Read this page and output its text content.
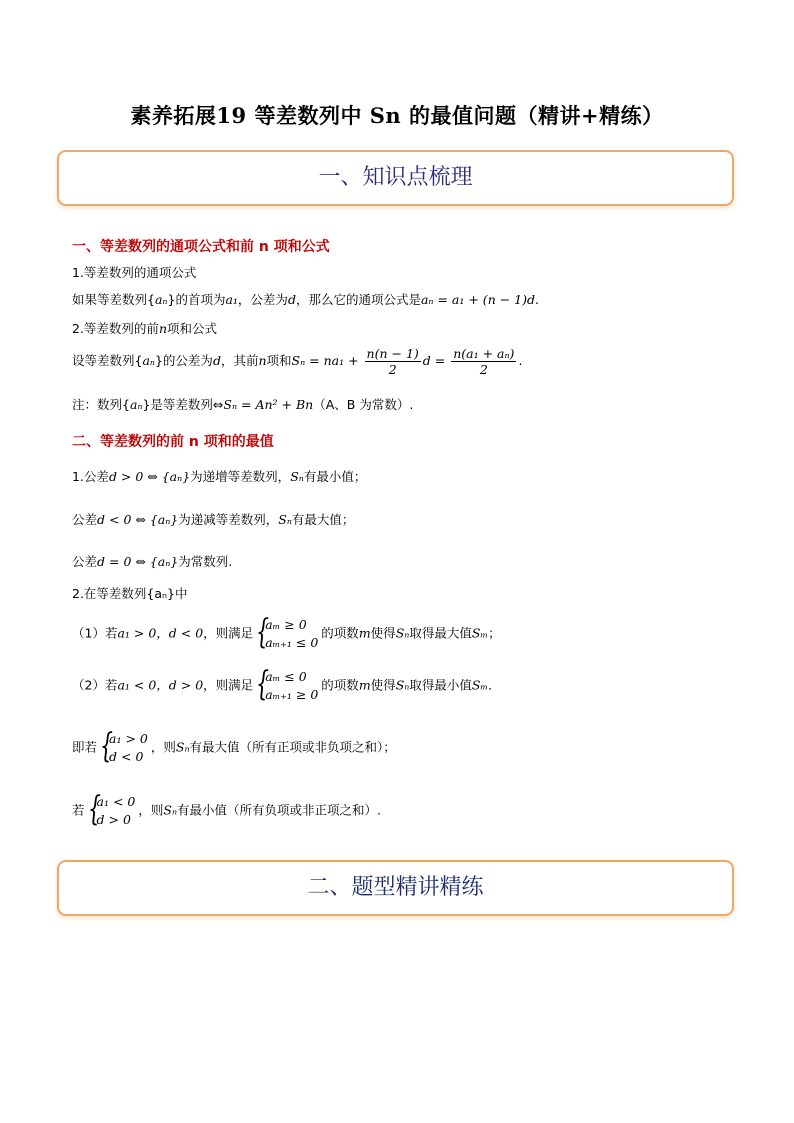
素养拓展19 等差数列中 Sn 的最值问题（精讲+精练）
一、知识点梳理
一、等差数列的通项公式和前 n 项和公式
1.等差数列的通项公式
如果等差数列{aₙ}的首项为a₁，公差为d，那么它的通项公式是aₙ = a₁ + (n − 1)d.
2.等差数列的前n项和公式
设等差数列{aₙ}的公差为d，其前n项和$S_n = na_1 + \frac{n(n - 1)}{2}$ $d = \frac{\text{n(a₁ + aₙ)}}{2}$ .
注：数列{aₙ}是等差数列⇔Sₙ = An² + Bn（A、B 为常数）.
二、等差数列的前 n 项和的最值
1.公差d > 0 ⇔ {aₙ}为递增等差数列，Sₙ有最小值；
公差d < 0 ⇔ {aₙ}为递减等差数列，Sₙ有最大值；
公差d = 0 ⇔ {aₙ}为常数列.
2.在等差数列{aₙ}中
（1）若a₁ > 0，d < 0，则满足 {
aₘ ≥ 0
aₘ₊₁ ≤ 0
的项数m使得Sₙ取得最大值Sₘ；
（2）若a₁ < 0，d > 0，则满足 {
aₘ ≤ 0
aₘ₊₁ ≥ 0
的项数m使得Sₙ取得最小值Sₘ.
即若 {
a₁ > 0
d < 0
，则Sₙ有最大值（所有正项或非负项之和）；
若 {
a₁ < 0
d > 0
，则Sₙ有最小值（所有负项或非正项之和）.
二、题型精讲精练
